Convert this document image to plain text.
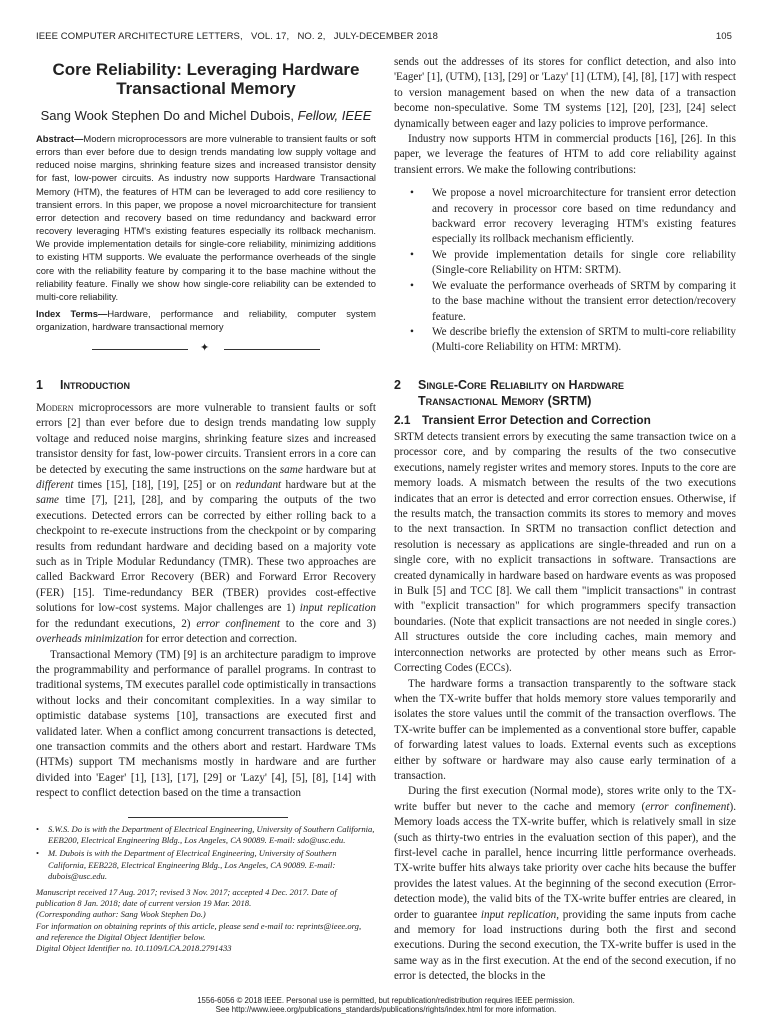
IEEE COMPUTER ARCHITECTURE LETTERS, VOL. 17, NO. 2, JULY-DECEMBER 2018	105
Core Reliability: Leveraging Hardware Transactional Memory
Sang Wook Stephen Do and Michel Dubois, Fellow, IEEE
Abstract—Modern microprocessors are more vulnerable to transient faults or soft errors than ever before due to design trends mandating low supply voltage and reduced noise margins, shrinking feature sizes and increased transistor density for fast, low-power circuits. As industry now supports Hardware Transactional Memory (HTM), the features of HTM can be leveraged to add core resiliency to transient errors. In this paper, we propose a novel microarchitecture for transient error detection and recovery based on time redundancy and backward error recovery leveraging HTM's existing features especially its rollback mechanism. We provide implementation details for single-core reliability, minimizing additions to existing HTM supports. We evaluate the performance overheads of the single core with the reliability feature by comparing it to the base machine without the reliability feature. Finally we show how single-core reliability can be extended to multi-core reliability.
Index Terms—Hardware, performance and reliability, computer system organization, hardware transactional memory
✦
1 Introduction

Modern microprocessors are more vulnerable to transient faults or soft errors [2] than ever before due to design trends mandating low supply voltage and reduced noise margins, shrinking feature sizes and increased transistor density for fast, low-power circuits. Transient errors in a core can be detected by executing the same instructions on the same hardware but at different times [15], [18], [19], [25] or on redundant hardware but at the same time [7], [21], [28], and by comparing the outputs of the two executions. Detected errors can be corrected by either rolling back to a checkpoint to re-execute instructions from the checkpoint or by comparing results from redundant hardware and deciding based on a majority vote such as in Triple Modular Redundancy (TMR). These two approaches are called Backward Error Recovery (BER) and Forward Error Recovery (FER) [15]. Time-redundancy BER (TBER) provides cost-effective solutions for low-cost systems. Major challenges are 1) input replication for the redundant executions, 2) error confinement to the core and 3) overheads minimization for error detection and correction.

Transactional Memory (TM) [9] is an architecture paradigm to improve the programmability and performance of parallel programs. In contrast to traditional systems, TM executes parallel code optimistically in transactions without locks and their concomitant complexities. In a way similar to optimistic database systems [10], transactions are executed first and validated later. When a conflict among concurrent transactions is detected, one transaction commits and the others abort and restart. Hardware TMs (HTMs) support TM mechanisms mostly in hardware and are further divided into 'Eager' [1], [13], [17], [29] or 'Lazy' [4], [5], [8], [14] with respect to conflict detection based on the time a transaction

• S.W.S. Do is with the Department of Electrical Engineering, University of Southern California, EEB200, Electrical Engineering Bldg., Los Angeles, CA 90089. E-mail: sdo@usc.edu.
• M. Dubois is with the Department of Electrical Engineering, University of Southern California, EEB228, Electrical Engineering Bldg., Los Angeles, CA 90089. E-mail: dubois@usc.edu.
Manuscript received 17 Aug. 2017; revised 3 Nov. 2017; accepted 4 Dec. 2017. Date of publication 8 Jan. 2018; date of current version 19 Mar. 2018.
(Corresponding author: Sang Wook Stephen Do.)
For information on obtaining reprints of this article, please send e-mail to: reprints@ieee.org, and reference the Digital Object Identifier below.
Digital Object Identifier no. 10.1109/LCA.2018.2791433

sends out the addresses of its stores for conflict detection, and also into 'Eager' [1], (UTM), [13], [29] or 'Lazy' [1] (LTM), [4], [8], [17] with respect to version management based on when the new data of a transaction become non-speculative. Some TM systems [12], [20], [23], [24] select dynamically between eager and lazy policies to improve performance.

Industry now supports HTM in commercial products [16], [26]. In this paper, we leverage the features of HTM to add core reliability against transient errors. We make the following contributions:

• We propose a novel microarchitecture for transient error detection and recovery in processor core based on time redundancy and backward error recovery leveraging HTM's existing features especially its rollback mechanism efficiently.
• We provide implementation details for single core reliability (Single-core Reliability on HTM: SRTM).
• We evaluate the performance overheads of SRTM by comparing it to the base machine without the transient error detection/recovery feature.
• We describe briefly the extension of SRTM to multi-core reliability (Multi-core Reliability on HTM: MRTM).
2 Single-Core Reliability on Hardware
Transactional Memory (SRTM)
2.1 Transient Error Detection and Correction

SRTM detects transient errors by executing the same transaction twice on a processor core, and by comparing the results of the two consecutive executions, namely register writes and memory stores. Inputs to the core are memory loads. A mismatch between the results of the two executions indicates that an error is detected and error correction ensues. Otherwise, if the results match, the transaction commits its stores to memory and moves to the next transaction. In SRTM no transaction conflict detection and resolution is necessary as applications are single-threaded and run on a single core, with no explicit transactions in software. Transactions are created dynamically in hardware based on hardware events as was proposed in Bulk [5] and TCC [8]. We call them "implicit transactions" in contrast with "explicit transaction" for which programmers specify transaction boundaries. (Note that explicit transactions are not needed in single cores.) All structures outside the core including caches, main memory and interconnection networks are protected by other means such as Error-Correcting Codes (ECCs).

The hardware forms a transaction transparently to the software stack when the TX-write buffer that holds memory store values temporarily and isolates the store values until the commit of the transaction overflows. The TX-write buffer can be implemented as a conventional store buffer, capable of forwarding latest values to loads. External events such as exceptions either by software or hardware may also cause early termination of a transaction.

During the first execution (Normal mode), stores write only to the TX-write buffer but never to the cache and memory (error confinement). Memory loads access the TX-write buffer, which is relatively small in size (such as thirty-two entries in the evaluation section of this paper), and the first-level cache in parallel, hence incurring little performance overheads. TX-write buffer hits always take priority over cache hits because the buffer provides the latest values. At the beginning of the second execution (Error-detection mode), the valid bits of the TX-write buffer entries are cleared, in order to guarantee input replication, providing the same inputs from cache and memory for load instructions during both the first and second executions. During the second execution, the TX-write buffer is used in the same way as in the first execution. At the end of the second execution, if no error is detected, the blocks in the

1556-6056 © 2018 IEEE. Personal use is permitted, but republication/redistribution requires IEEE permission.
See http://www.ieee.org/publications_standards/publications/rights/index.html for more information.
